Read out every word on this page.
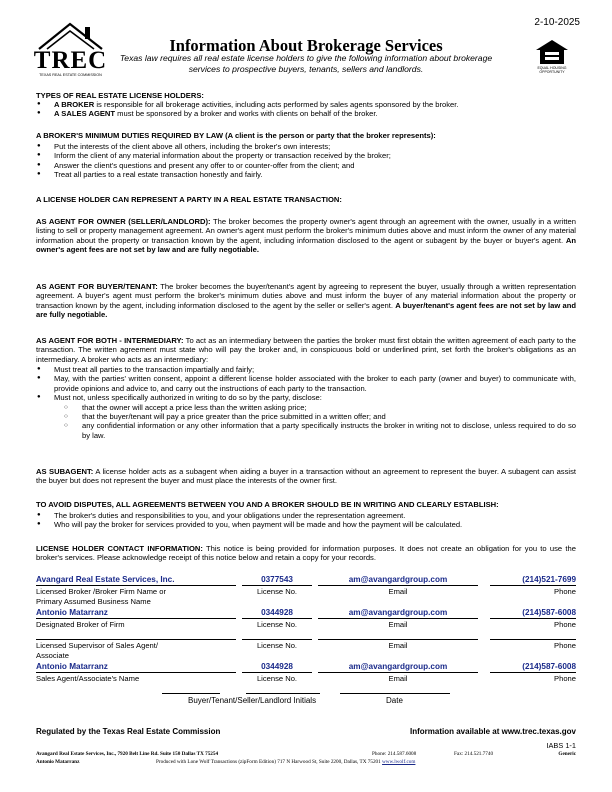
TREC
TEXAS REAL ESTATE COMMISSION
Information About Brokerage Services
Texas law requires all real estate license holders to give the following information about brokerage services to prospective buyers, tenants, sellers and landlords.
2-10-2025
EQUAL HOUSING OPPORTUNITY
TYPES OF REAL ESTATE LICENSE HOLDERS:
● A BROKER is responsible for all brokerage activities, including acts performed by sales agents sponsored by the broker.
● A SALES AGENT must be sponsored by a broker and works with clients on behalf of the broker.
A BROKER'S MINIMUM DUTIES REQUIRED BY LAW (A client is the person or party that the broker represents):
● Put the interests of the client above all others, including the broker's own interests;
● Inform the client of any material information about the property or transaction received by the broker;
● Answer the client's questions and present any offer to or counter-offer from the client; and
● Treat all parties to a real estate transaction honestly and fairly.
A LICENSE HOLDER CAN REPRESENT A PARTY IN A REAL ESTATE TRANSACTION:

AS AGENT FOR OWNER (SELLER/LANDLORD): The broker becomes the property owner's agent through an agreement with the owner, usually in a written listing to sell or property management agreement. An owner's agent must perform the broker's minimum duties above and must inform the owner of any material information about the property or transaction known by the agent, including information disclosed to the agent or subagent by the buyer or buyer's agent. An owner's agent fees are not set by law and are fully negotiable.

AS AGENT FOR BUYER/TENANT: The broker becomes the buyer/tenant's agent by agreeing to represent the buyer, usually through a written representation agreement. A buyer's agent must perform the broker's minimum duties above and must inform the buyer of any material information about the property or transaction known by the agent, including information disclosed to the agent by the seller or seller's agent. A buyer/tenant's agent fees are not set by law and are fully negotiable.

AS AGENT FOR BOTH - INTERMEDIARY: To act as an intermediary between the parties the broker must first obtain the written agreement of each party to the transaction. The written agreement must state who will pay the broker and, in conspicuous bold or underlined print, set forth the broker's obligations as an intermediary. A broker who acts as an intermediary:

● Must treat all parties to the transaction impartially and fairly;
● May, with the parties' written consent, appoint a different license holder associated with the broker to each party (owner and buyer) to communicate with, provide opinions and advice to, and carry out the instructions of each party to the transaction.
● Must not, unless specifically authorized in writing to do so by the party, disclose:
○ that the owner will accept a price less than the written asking price;
○ that the buyer/tenant will pay a price greater than the price submitted in a written offer; and
○ any confidential information or any other information that a party specifically instructs the broker in writing not to disclose, unless required to do so by law.

AS SUBAGENT: A license holder acts as a subagent when aiding a buyer in a transaction without an agreement to represent the buyer. A subagent can assist the buyer but does not represent the buyer and must place the interests of the owner first.

TO AVOID DISPUTES, ALL AGREEMENTS BETWEEN YOU AND A BROKER SHOULD BE IN WRITING AND CLEARLY ESTABLISH:
● The broker's duties and responsibilities to you, and your obligations under the representation agreement.
● Who will pay the broker for services provided to you, when payment will be made and how the payment will be calculated.

LICENSE HOLDER CONTACT INFORMATION: This notice is being provided for information purposes. It does not create an obligation for you to use the broker's services. Please acknowledge receipt of this notice below and retain a copy for your records.

Avangard Real Estate Services, Inc.	0377543	am@avangardgroup.com	(214)521-7699
Licensed Broker /Broker Firm Name or
Primary Assumed Business Name
License No.	Email	Phone
Antonio Matarranz	0344928	am@avangardgroup.com	(214)587-6008
Designated Broker of Firm	License No.	Email	Phone
Licensed Supervisor of Sales Agent/
Associate
License No.	Email	Phone
Antonio Matarranz	0344928	am@avangardgroup.com	(214)587-6008
Sales Agent/Associate's Name	License No.	Email	Phone
Buyer/Tenant/Seller/Landlord Initials	Date
Regulated by the Texas Real Estate Commission	Information available at www.trec.texas.gov
IABS 1-1
Avangard Real Estate Services, Inc., 7920 Belt Line Rd. Suite 150 Dallas TX 75254	Phone: 214.587.6008	Fax: 214.521.7740	Generic
Antonio Matarranz	Produced with Lone Wolf Transactions (zipForm Edition) 717 N Harwood St, Suite 2200, Dallas, TX 75201 www.lwolf.com
